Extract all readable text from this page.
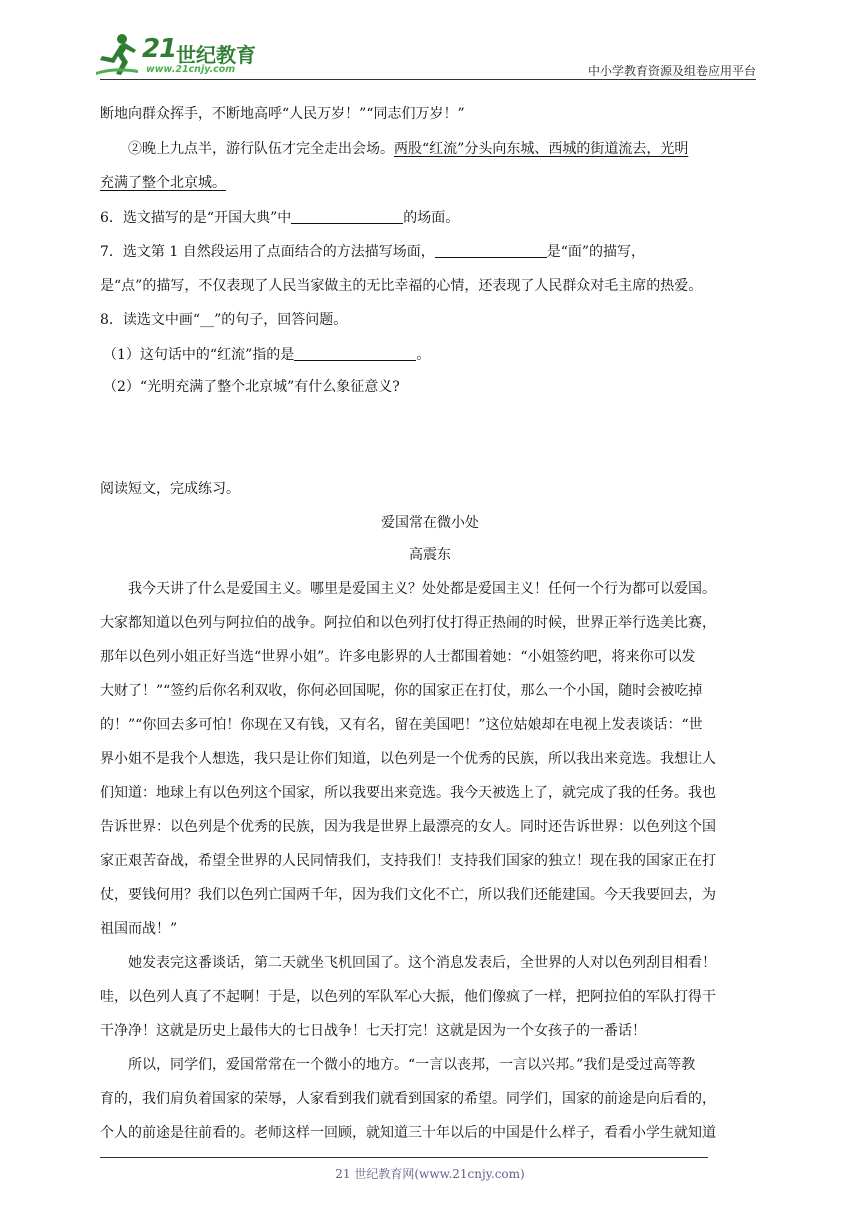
21 世纪教育
www.21cnjy.com	中小学教育资源及组卷应用平台
断地向群众挥手，不断地高呼“人民万岁！”“同志们万岁！”
②晚上九点半，游行队伍才完全走出会场。两股“红流”分头向东城、西城的街道流去，光明
充满了整个北京城。
6．选文描写的是“开国大典”中	的场面。
7．选文第 1 自然段运用了点面结合的方法描写场面，	是“面”的描写，
是“点”的描写，不仅表现了人民当家做主的无比幸福的心情，还表现了人民群众对毛主席的热爱。
8．读选文中画“__”的句子，回答问题。
（1）这句话中的“红流”指的是	。
（2）“光明充满了整个北京城”有什么象征意义?
阅读短文，完成练习。
爱国常在微小处
高震东
我今天讲了什么是爱国主义。哪里是爱国主义？处处都是爱国主义！任何一个行为都可以爱国。
大家都知道以色列与阿拉伯的战争。阿拉伯和以色列打仗打得正热闹的时候，世界正举行选美比赛，
那年以色列小姐正好当选“世界小姐”。许多电影界的人士都围着她：“小姐签约吧，将来你可以发
大财了！”“签约后你名利双收，你何必回国呢，你的国家正在打仗，那么一个小国，随时会被吃掉
的！”“你回去多可怕！你现在又有钱，又有名，留在美国吧！”这位姑娘却在电视上发表谈话：“世
界小姐不是我个人想选，我只是让你们知道，以色列是一个优秀的民族，所以我出来竞选。我想让人
们知道：地球上有以色列这个国家，所以我要出来竞选。我今天被选上了，就完成了我的任务。我也
告诉世界：以色列是个优秀的民族，因为我是世界上最漂亮的女人。同时还告诉世界：以色列这个国
家正艰苦奋战，希望全世界的人民同情我们，支持我们！支持我们国家的独立！现在我的国家正在打
仗，要钱何用？我们以色列亡国两千年，因为我们文化不亡，所以我们还能建国。今天我要回去，为
祖国而战！”
她发表完这番谈话，第二天就坐飞机回国了。这个消息发表后，全世界的人对以色列刮目相看！
哇，以色列人真了不起啊！于是，以色列的军队军心大振，他们像疯了一样，把阿拉伯的军队打得干
干净净！这就是历史上最伟大的七日战争！七天打完！这就是因为一个女孩子的一番话！
所以，同学们，爱国常常在一个微小的地方。“一言以丧邦，一言以兴邦。”我们是受过高等教
育的，我们肩负着国家的荣辱，人家看到我们就看到国家的希望。同学们，国家的前途是向后看的，
个人的前途是往前看的。老师这样一回顾，就知道三十年以后的中国是什么样子，看看小学生就知道
21 世纪教育网(www.21cnjy.com)
